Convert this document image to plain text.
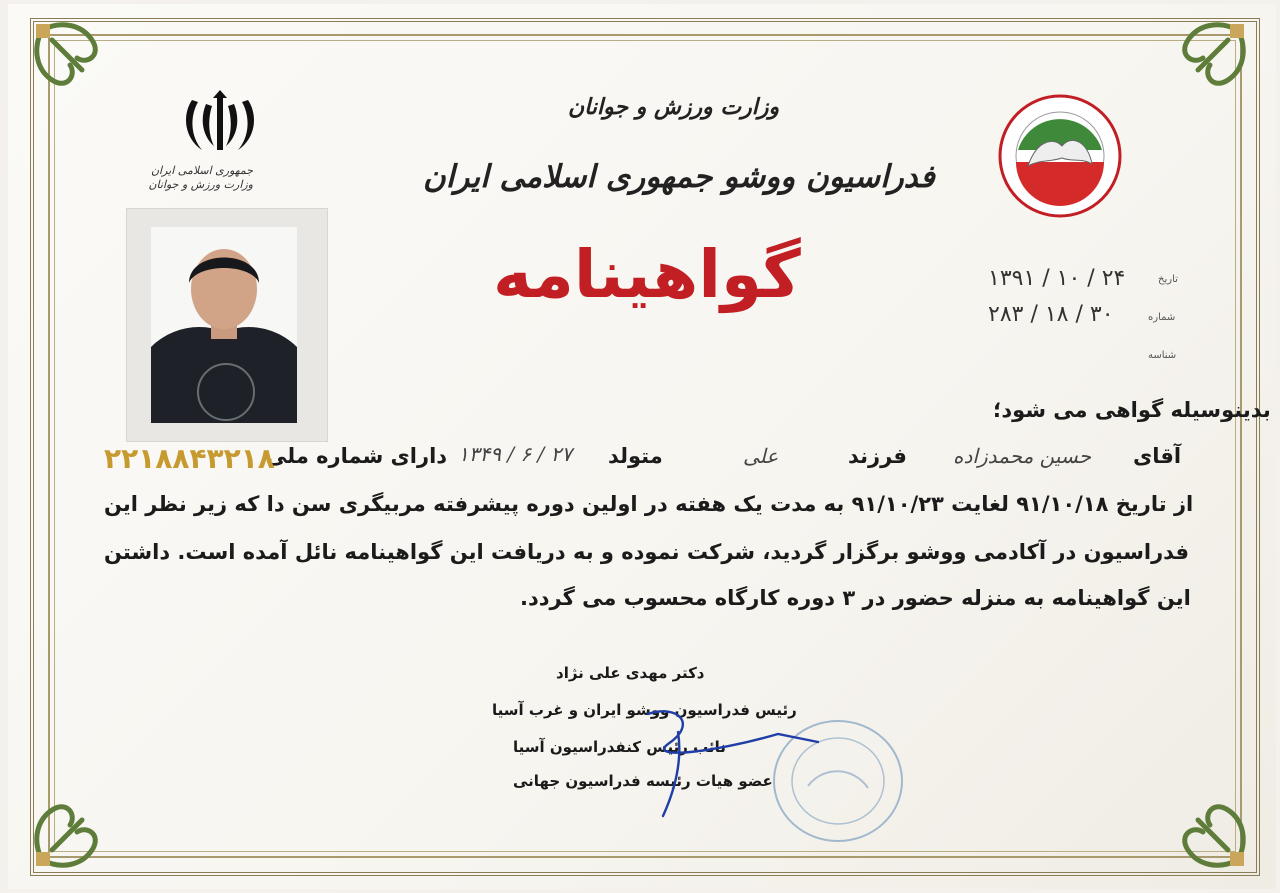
جمهوری اسلامی ایران
وزارت ورزش و جوانان
وزارت ورزش و جوانان
فدراسیون ووشو جمهوری اسلامی ایران
گواهینامه	تاریخ
۱۳۹۱ / ۱۰ / ۲۴
شماره
۲۸۳ / ۱۸ / ۳۰
شناسه
بدینوسیله گواهی می شود؛
آقای
حسین محمدزاده
فرزند
علی
متولد
۱۳۴۹ / ۶ / ۲۷
دارای شماره ملی
۲۲۱۸۸۴۳۲۱۸
از تاریخ ۹۱/۱۰/۱۸ لغایت ۹۱/۱۰/۲۳ به مدت یک هفته در اولین دوره پیشرفته مربیگری سن دا که زیر نظر این
فدراسیون در آکادمی ووشو برگزار گردید، شرکت نموده و به دریافت این گواهینامه نائل آمده است. داشتن
این گواهینامه به منزله حضور در ۳ دوره کارگاه محسوب می گردد.
دکتر مهدی علی نژاد
رئیس فدراسیون ووشو ایران و غرب آسیا
نائب رئیس کنفدراسیون آسیا
عضو هیات رئیسه فدراسیون جهانی
